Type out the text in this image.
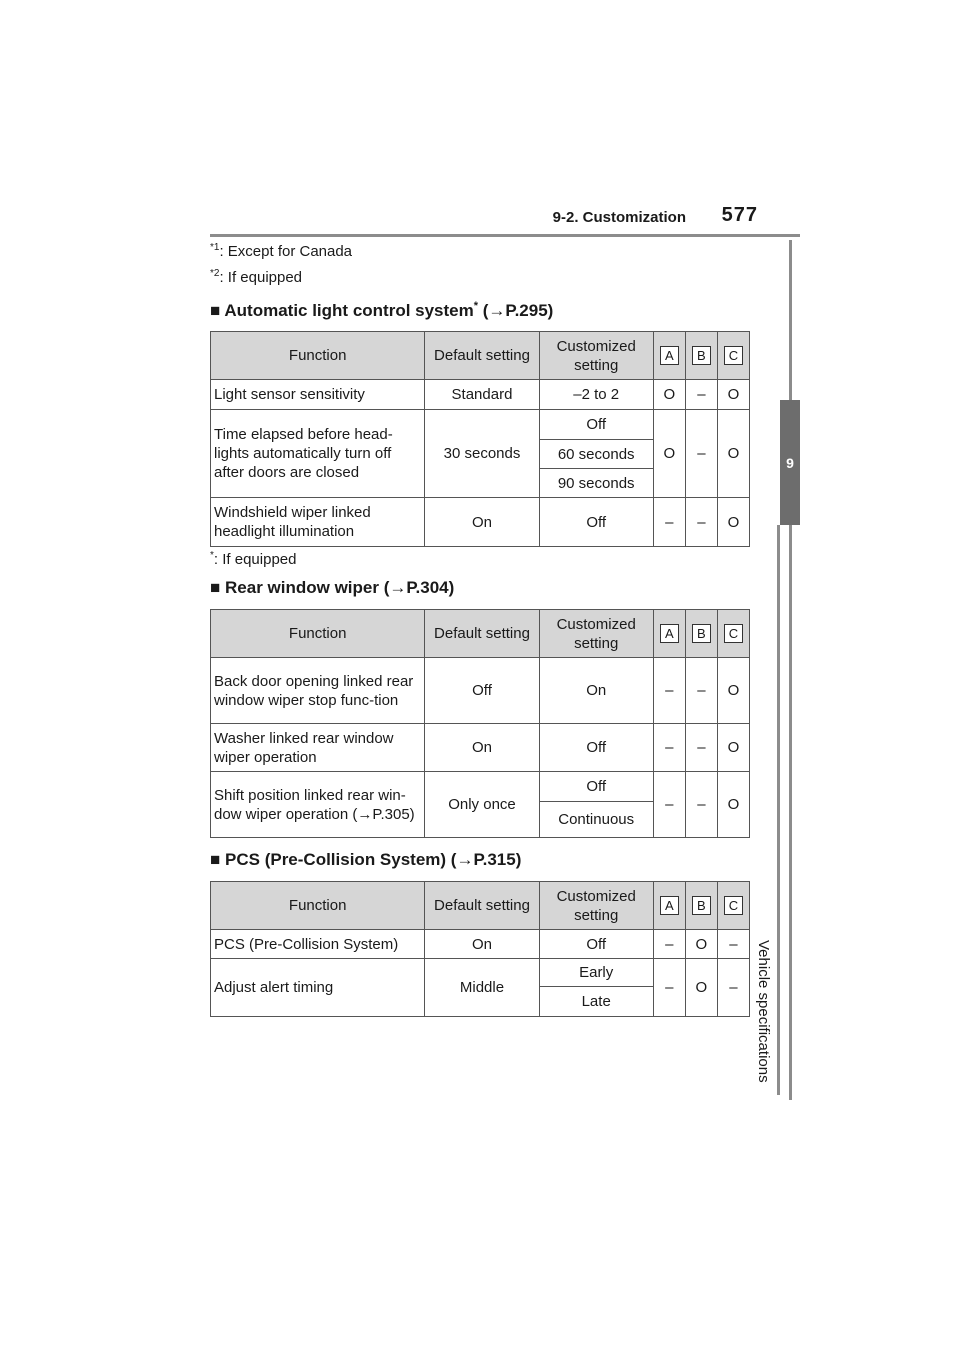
9-2. Customization 577
9
Vehicle specifications
$^{*1}$: Except for Canada
$^{*2}$: If equipped
■ Automatic light control system* (→P.295)
Function	Default setting	Customized setting	A	B	C
Light sensor sensitivity	Standard	–2 to 2	O	–	O
Time elapsed before head-lights automatically turn off after doors are closed	30 seconds	Off	O	–	O
		60 seconds			
		90 seconds			
Windshield wiper linked headlight illumination	On	Off	–	–	O
*: If equipped
■ Rear window wiper (→P.304)
Function	Default setting	Customized setting	A	B	C
Back door opening linked rear window wiper stop func-tion	Off	On	–	–	O
Washer linked rear window wiper operation	On	Off	–	–	O
Shift position linked rear win-dow wiper operation (→P.305)	Only once	Off	–	–	O
		Continuous			
■ PCS (Pre-Collision System) (→P.315)
Function	Default setting	Customized setting	A	B	C
PCS (Pre-Collision System)	On	Off	–	O	–
Adjust alert timing	Middle	Early	–	O	–
		Late			
